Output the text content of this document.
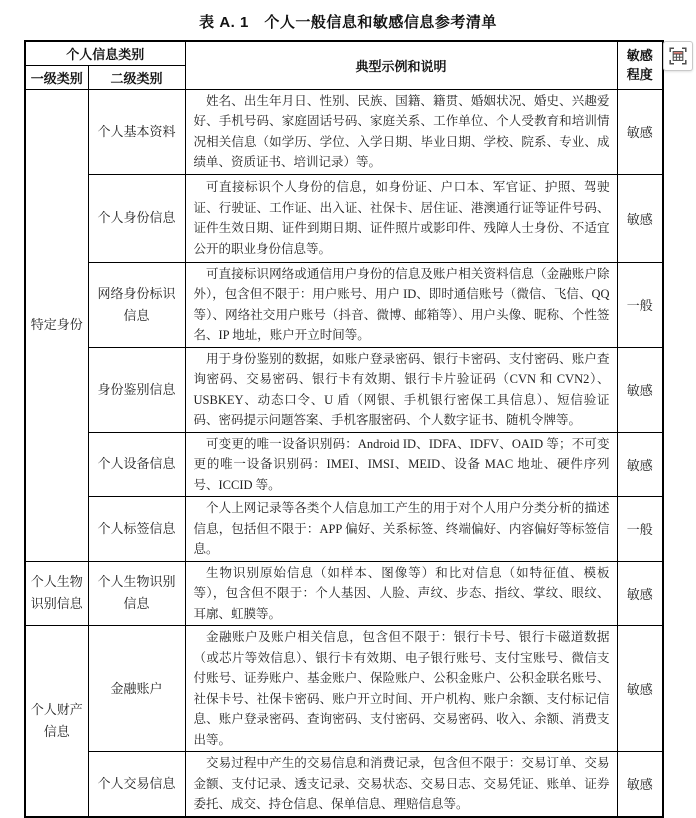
表 A. 1　个人一般信息和敏感信息参考清单
个人信息类别		典型示例和说明	敏感程度
一级类别	二级类别		
特定身份	个人基本资料	姓名、出生年月日、性别、民族、国籍、籍贯、婚姻状况、婚史、兴趣爱好、手机号码、家庭固话号码、家庭关系、工作单位、个人受教育和培训情况相关信息（如学历、学位、入学日期、毕业日期、学校、院系、专业、成绩单、资质证书、培训记录）等。	敏感
	个人身份信息	可直接标识个人身份的信息，如身份证、户口本、军官证、护照、驾驶证、行驶证、工作证、出入证、社保卡、居住证、港澳通行证等证件号码、证件生效日期、证件到期日期、证件照片或影印件、残障人士身份、不适宜公开的职业身份信息等。	敏感
	网络身份标识信息	可直接标识网络或通信用户身份的信息及账户相关资料信息（金融账户除外），包含但不限于：用户账号、用户 ID、即时通信账号（微信、飞信、QQ 等）、网络社交用户账号（抖音、微博、邮箱等）、用户头像、昵称、个性签名、IP 地址，账户开立时间等。	一般
	身份鉴别信息	用于身份鉴别的数据，如账户登录密码、银行卡密码、支付密码、账户查询密码、交易密码、银行卡有效期、银行卡片验证码（CVN 和 CVN2）、USBKEY、动态口令、U 盾（网银、手机银行密保工具信息）、短信验证码、密码提示问题答案、手机客服密码、个人数字证书、随机令牌等。	敏感
	个人设备信息	可变更的唯一设备识别码：Android ID、IDFA、IDFV、OAID 等；不可变更的唯一设备识别码：IMEI、IMSI、MEID、设备 MAC 地址、硬件序列号、ICCID 等。	敏感
	个人标签信息	个人上网记录等各类个人信息加工产生的用于对个人用户分类分析的描述信息，包括但不限于：APP 偏好、关系标签、终端偏好、内容偏好等标签信息。	一般
个人生物识别信息	个人生物识别信息	生物识别原始信息（如样本、图像等）和比对信息（如特征值、模板等），包含但不限于：个人基因、人脸、声纹、步态、指纹、掌纹、眼纹、耳廓、虹膜等。	敏感
个人财产信息	金融账户	金融账户及账户相关信息，包含但不限于：银行卡号、银行卡磁道数据（或芯片等效信息）、银行卡有效期、电子银行账号、支付宝账号、微信支付账号、证券账户、基金账户、保险账户、公积金账户、公积金联名账号、社保卡号、社保卡密码、账户开立时间、开户机构、账户余额、支付标记信息、账户登录密码、查询密码、支付密码、交易密码、收入、余额、消费支出等。	敏感
	个人交易信息	交易过程中产生的交易信息和消费记录，包含但不限于：交易订单、交易金额、支付记录、透支记录、交易状态、交易日志、交易凭证、账单、证券委托、成交、持仓信息、保单信息、理赔信息等。	敏感
